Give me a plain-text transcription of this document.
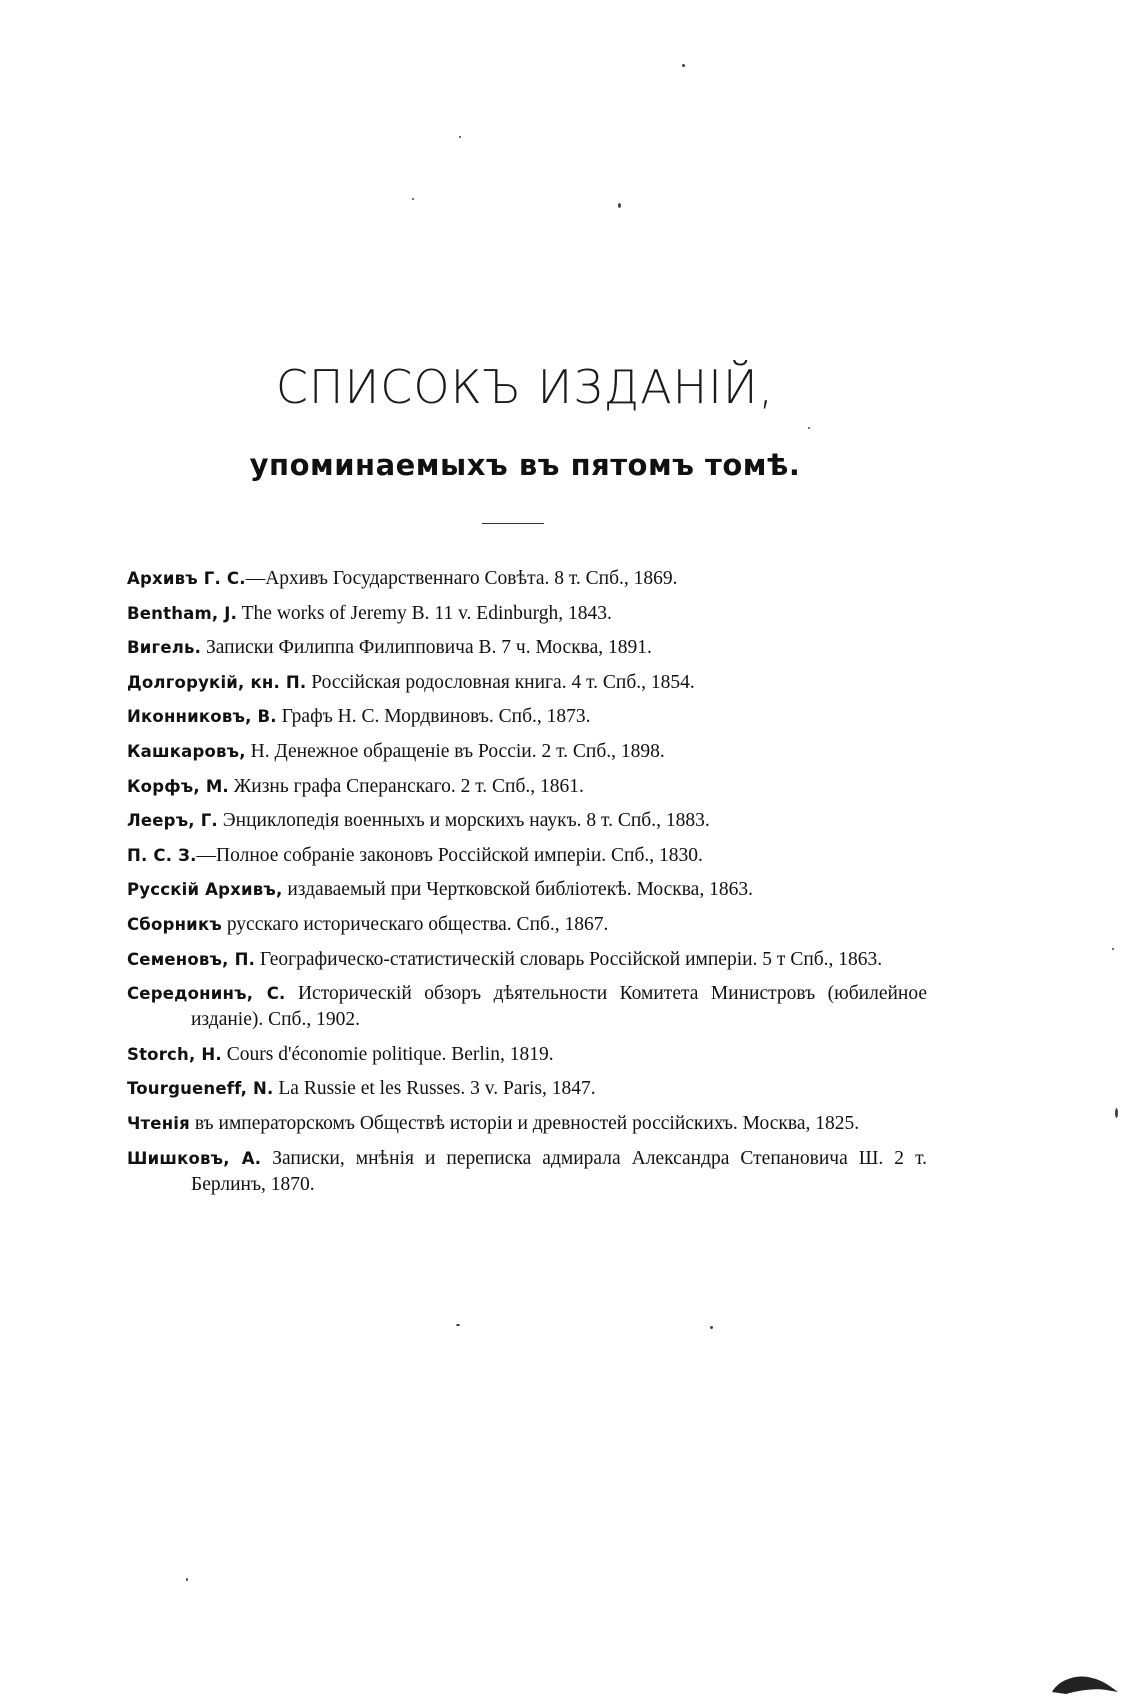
СПИСОКЪ ИЗДАНІЙ,
упоминаемыхъ въ пятомъ томѣ.
Архивъ Г. С.—Архивъ Государственнаго Совѣта. 8 т. Спб., 1869.
Bentham, J. The works of Jeremy B. 11 v. Edinburgh, 1843.
Вигель. Записки Филиппа Филипповича В. 7 ч. Москва, 1891.
Долгорукій, кн. П. Россійская родословная книга. 4 т. Спб., 1854.
Иконниковъ, В. Графъ Н. С. Мордвиновъ. Спб., 1873.
Кашкаровъ, Н. Денежное обращеніе въ Россіи. 2 т. Спб., 1898.
Корфъ, М. Жизнь графа Сперанскаго. 2 т. Спб., 1861.
Лееръ, Г. Энциклопедія военныхъ и морскихъ наукъ. 8 т. Спб., 1883.
П. С. З.—Полное собраніе законовъ Россійской имперіи. Спб., 1830.
Русскій Архивъ, издаваемый при Чертковской библіотекѣ. Москва, 1863.
Сборникъ русскаго историческаго общества. Спб., 1867.
Семеновъ, П. Географическо-статистическій словарь Россійской имперіи. 5 т Спб., 1863.
Середонинъ, С. Историческій обзоръ дѣятельности Комитета Министровъ (юбилейное изданіе). Спб., 1902.
Storch, H. Cours d'économie politique. Berlin, 1819.
Tourgueneff, N. La Russie et les Russes. 3 v. Paris, 1847.
Чтенія въ императорскомъ Обществѣ исторіи и древностей россійскихъ. Москва, 1825.
Шишковъ, А. Записки, мнѣнія и переписка адмирала Александра Степановича Ш. 2 т. Берлинъ, 1870.
